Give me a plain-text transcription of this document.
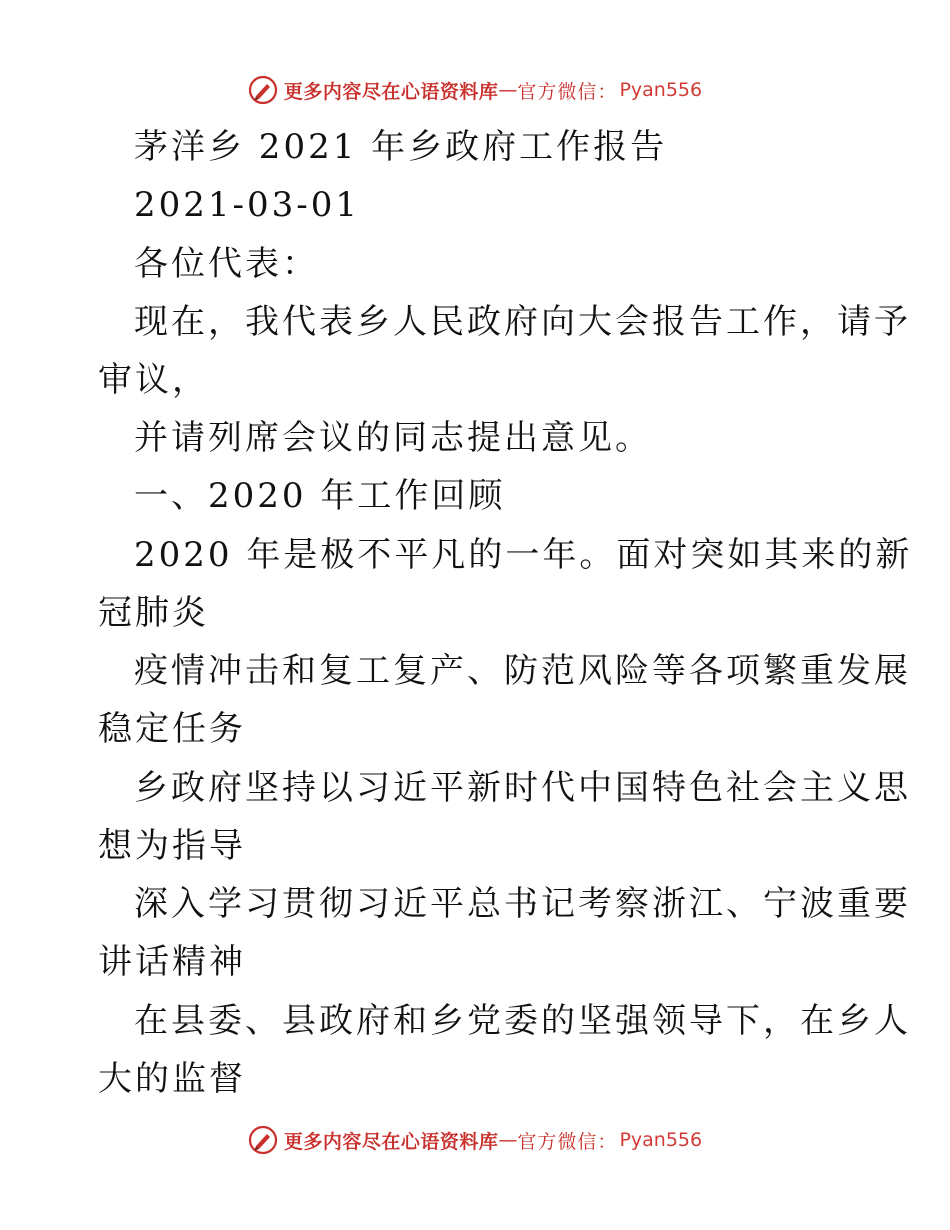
更多内容尽在心语资料库 — 官方微信： Pyan556
茅洋乡 2021 年乡政府工作报告
2021-03-01
各位代表：
现在，我代表乡人民政府向大会报告工作，请予
审议，
并请列席会议的同志提出意见。
一、2020 年工作回顾
2020 年是极不平凡的一年。面对突如其来的新
冠肺炎
疫情冲击和复工复产、防范风险等各项繁重发展
稳定任务
乡政府坚持以习近平新时代中国特色社会主义思
想为指导
深入学习贯彻习近平总书记考察浙江、宁波重要
讲话精神
在县委、县政府和乡党委的坚强领导下，在乡人
大的监督
更多内容尽在心语资料库 — 官方微信： Pyan556
